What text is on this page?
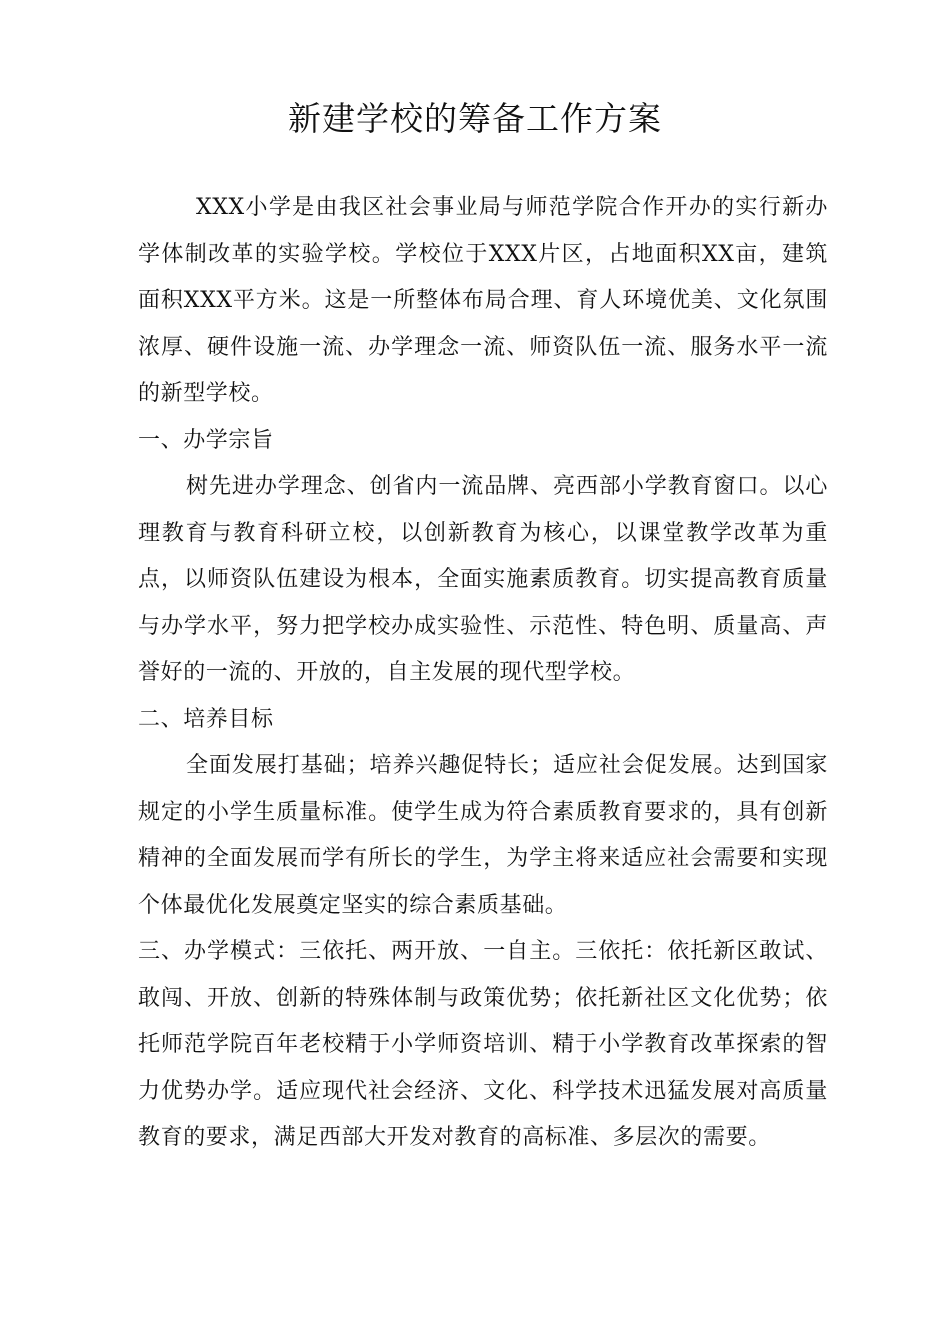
新建学校的筹备工作方案

XXX小学是由我区社会事业局与师范学院合作开办的实行新办学体制改革的实验学校。学校位于XXX片区，占地面积XX亩，建筑面积XXX平方米。这是一所整体布局合理、育人环境优美、文化氛围浓厚、硬件设施一流、办学理念一流、师资队伍一流、服务水平一流的新型学校。

一、办学宗旨

树先进办学理念、创省内一流品牌、亮西部小学教育窗口。以心理教育与教育科研立校，以创新教育为核心，以课堂教学改革为重点，以师资队伍建设为根本，全面实施素质教育。切实提高教育质量与办学水平，努力把学校办成实验性、示范性、特色明、质量高、声誉好的一流的、开放的，自主发展的现代型学校。

二、培养目标

全面发展打基础；培养兴趣促特长；适应社会促发展。达到国家规定的小学生质量标准。使学生成为符合素质教育要求的，具有创新精神的全面发展而学有所长的学生，为学主将来适应社会需要和实现个体最优化发展奠定坚实的综合素质基础。

三、办学模式：三依托、两开放、一自主。三依托：依托新区敢试、敢闯、开放、创新的特殊体制与政策优势；依托新社区文化优势；依托师范学院百年老校精于小学师资培训、精于小学教育改革探索的智力优势办学。适应现代社会经济、文化、科学技术迅猛发展对高质量教育的要求，满足西部大开发对教育的高标准、多层次的需要。
